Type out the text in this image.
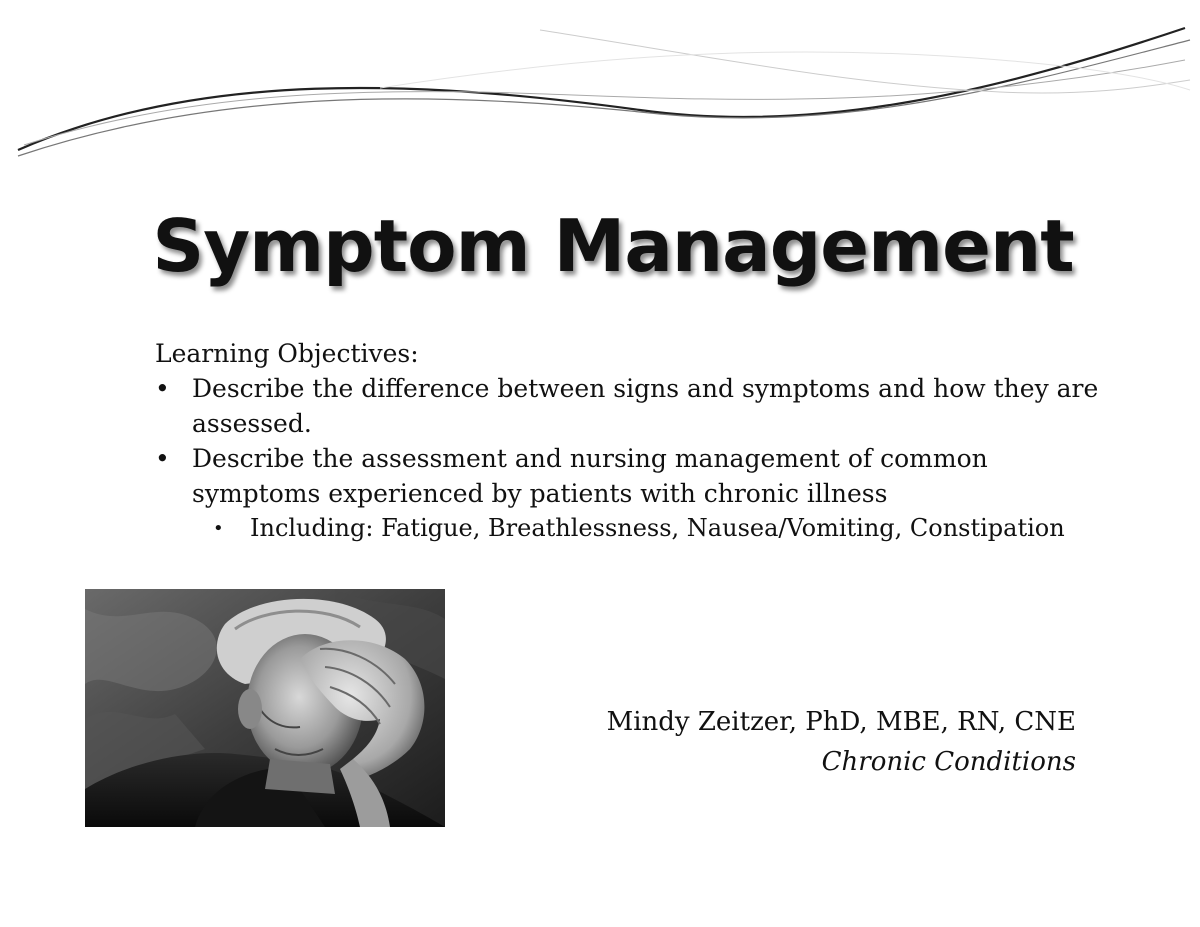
Symptom Management
Learning Objectives:
• Describe the difference between signs and symptoms and how they are assessed.
• Describe the assessment and nursing management of common symptoms experienced by patients with chronic illness
• Including: Fatigue, Breathlessness, Nausea/Vomiting, Constipation
Mindy Zeitzer, PhD, MBE, RN, CNE
Chronic Conditions
